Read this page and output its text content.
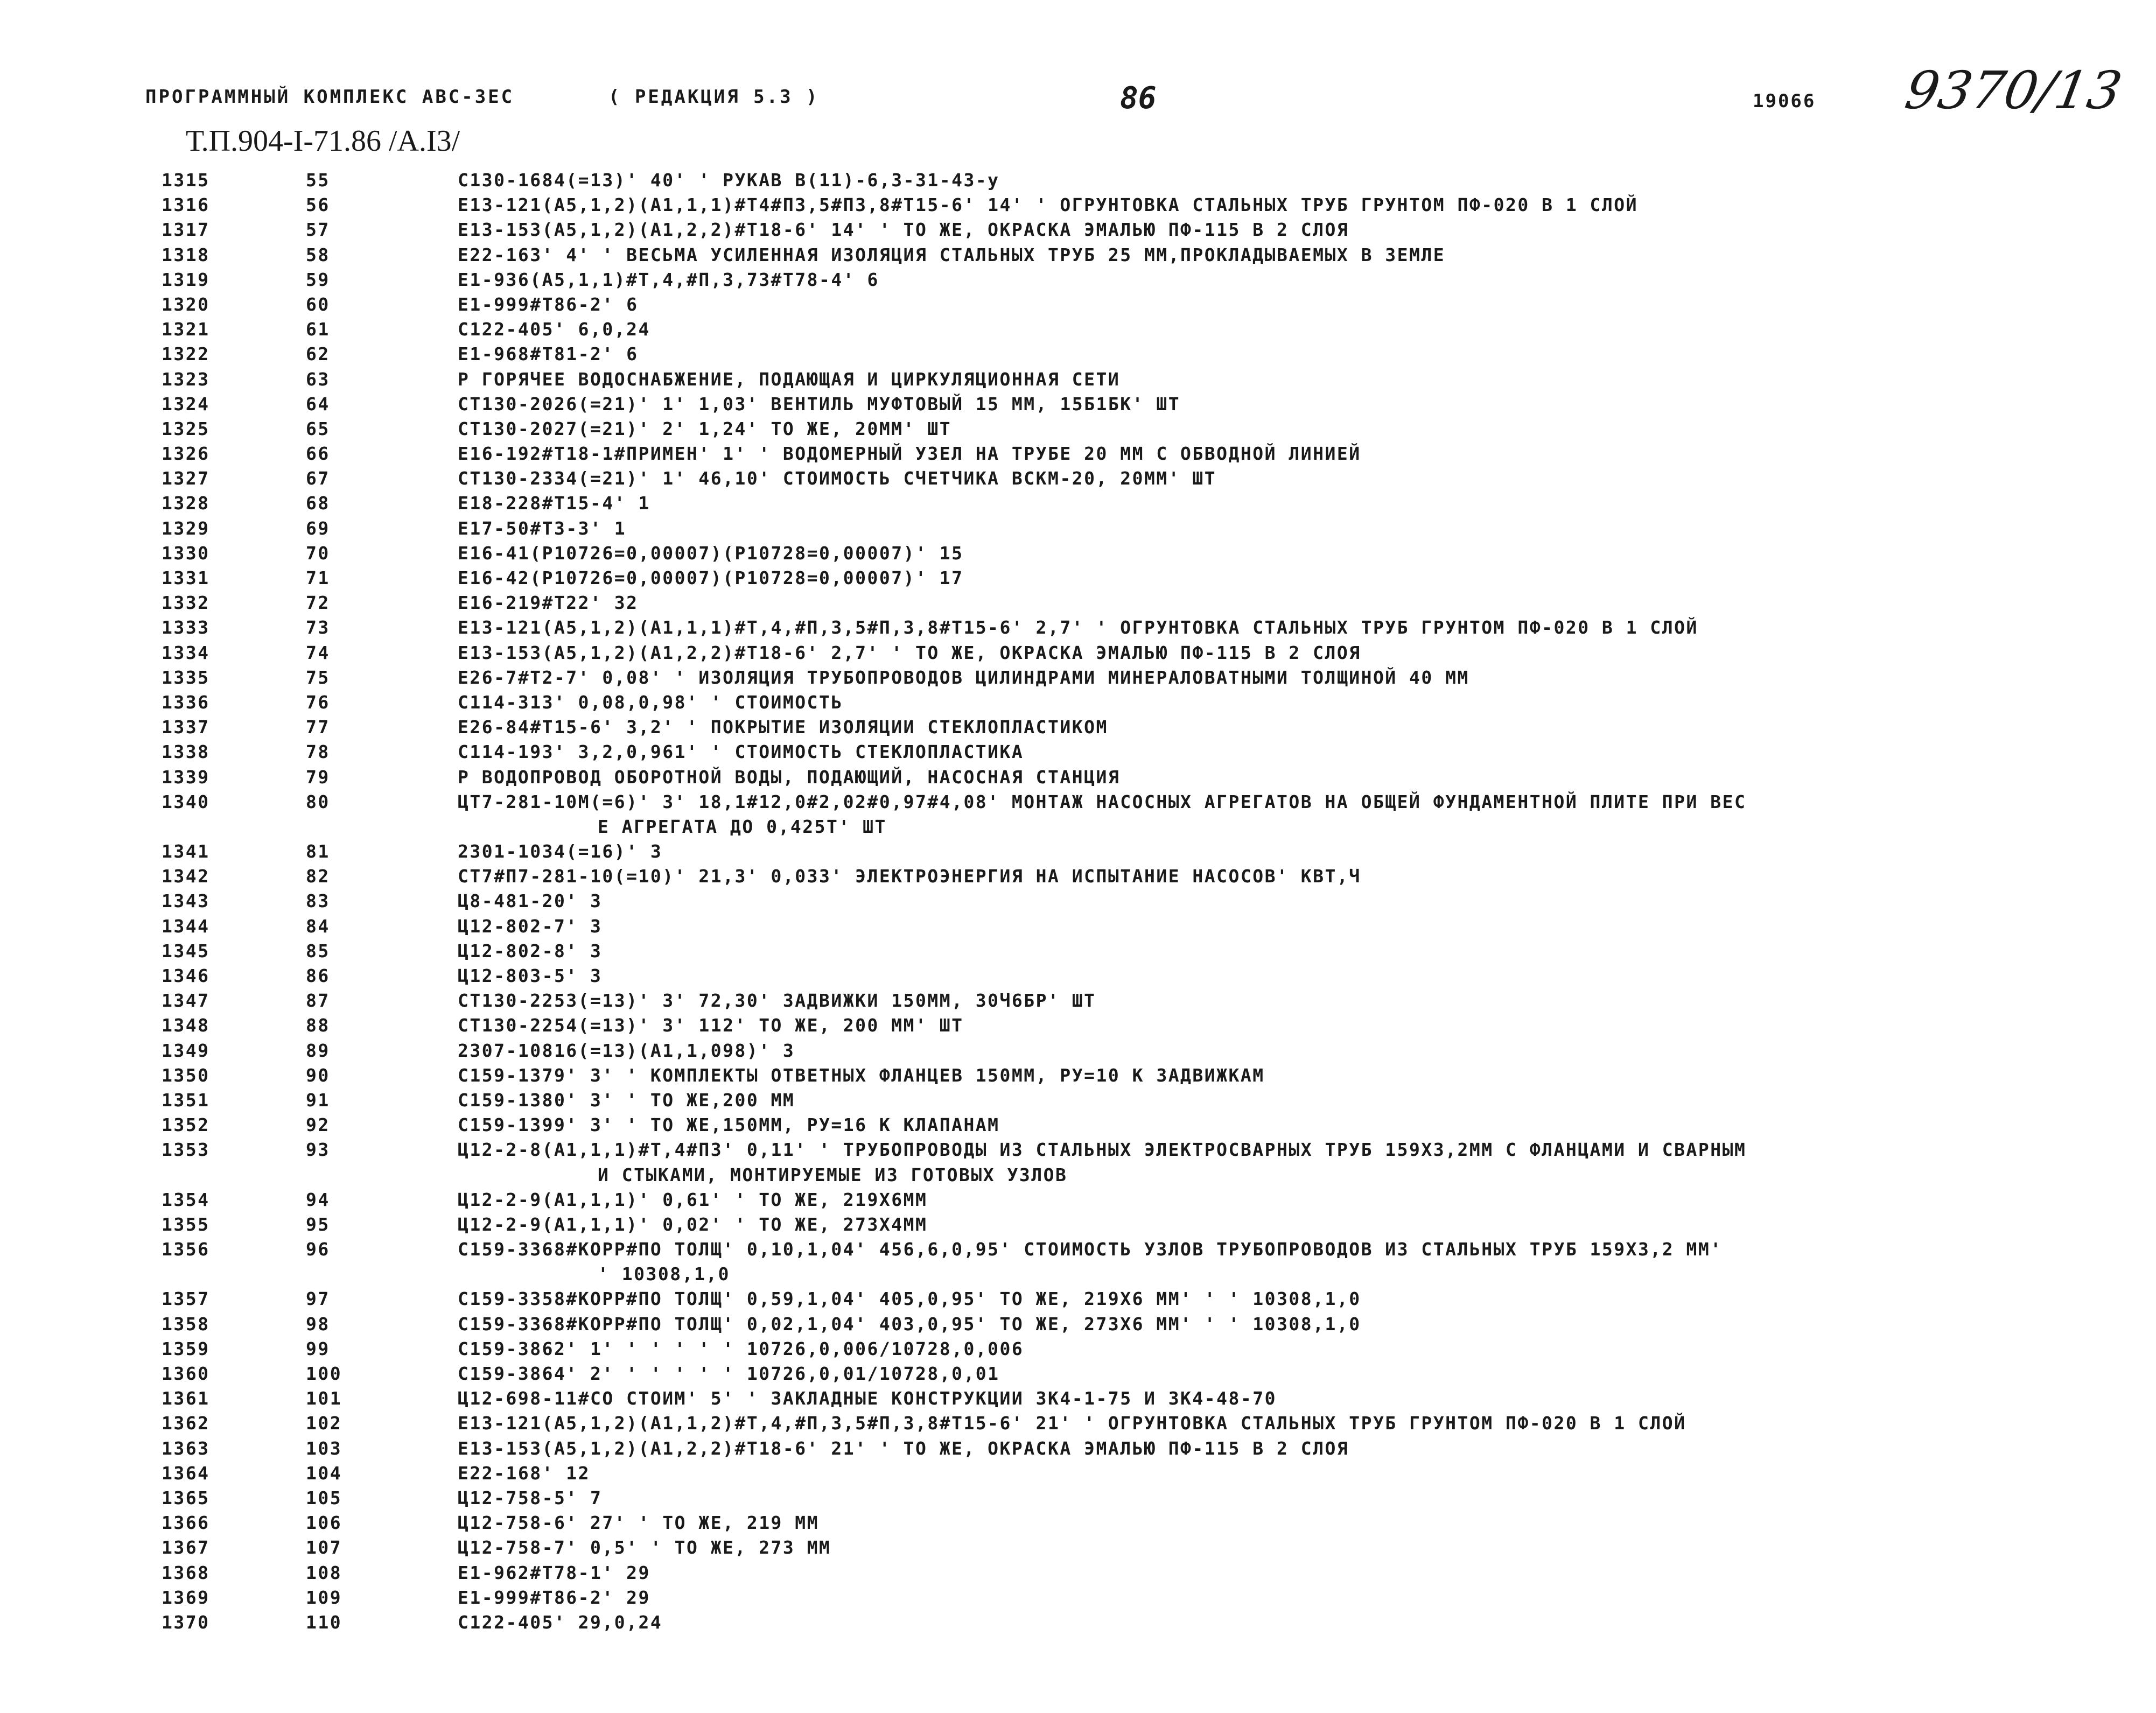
ПРОГРАММНЫЙ КОМПЛЕКС АВС-ЗЕС	( РЕДАКЦИЯ 5.3 )	86	19066 9370/13
Т.П.904-I-71.86 /А.I3/
1315	55	С130-1684(=13)' 40' ' РУКАВ В(11)-6,3-31-43-у
1316	56	Е13-121(А5,1,2)(А1,1,1)#Т4#П3,5#П3,8#Т15-6' 14' ' ОГРУНТОВКА СТАЛЬНЫХ ТРУБ ГРУНТОМ ПФ-020 В 1 СЛОЙ
1317	57	Е13-153(А5,1,2)(А1,2,2)#Т18-6' 14' ' ТО ЖЕ, ОКРАСКА ЭМАЛЬЮ ПФ-115 В 2 СЛОЯ
1318	58	Е22-163' 4' ' ВЕСЬМА УСИЛЕННАЯ ИЗОЛЯЦИЯ СТАЛЬНЫХ ТРУБ 25 ММ,ПРОКЛАДЫВАЕМЫХ В ЗЕМЛЕ
1319	59	Е1-936(А5,1,1)#Т,4,#П,3,73#Т78-4' 6
1320	60	Е1-999#Т86-2' 6
1321	61	С122-405' 6,0,24
1322	62	Е1-968#Т81-2' 6
1323	63	Р ГОРЯЧЕЕ ВОДОСНАБЖЕНИЕ, ПОДАЮЩАЯ И ЦИРКУЛЯЦИОННАЯ СЕТИ
1324	64	СТ130-2026(=21)' 1' 1,03' ВЕНТИЛЬ МУФТОВЫЙ 15 ММ, 15Б1БК' ШТ
1325	65	СТ130-2027(=21)' 2' 1,24' ТО ЖЕ, 20ММ' ШТ
1326	66	Е16-192#Т18-1#ПРИМЕН' 1' ' ВОДОМЕРНЫЙ УЗЕЛ НА ТРУБЕ 20 ММ С ОБВОДНОЙ ЛИНИЕЙ
1327	67	СТ130-2334(=21)' 1' 46,10' СТОИМОСТЬ СЧЕТЧИКА ВСКМ-20, 20ММ' ШТ
1328	68	Е18-228#Т15-4' 1
1329	69	Е17-50#Т3-3' 1
1330	70	Е16-41(Р10726=0,00007)(Р10728=0,00007)' 15
1331	71	Е16-42(Р10726=0,00007)(Р10728=0,00007)' 17
1332	72	Е16-219#Т22' 32
1333	73	Е13-121(А5,1,2)(А1,1,1)#Т,4,#П,3,5#П,3,8#Т15-6' 2,7' ' ОГРУНТОВКА СТАЛЬНЫХ ТРУБ ГРУНТОМ ПФ-020 В 1 СЛОЙ
1334	74	Е13-153(А5,1,2)(А1,2,2)#Т18-6' 2,7' ' ТО ЖЕ, ОКРАСКА ЭМАЛЬЮ ПФ-115 В 2 СЛОЯ
1335	75	Е26-7#Т2-7' 0,08' ' ИЗОЛЯЦИЯ ТРУБОПРОВОДОВ ЦИЛИНДРАМИ МИНЕРАЛОВАТНЫМИ ТОЛЩИНОЙ 40 ММ
1336	76	С114-313' 0,08,0,98' ' СТОИМОСТЬ
1337	77	Е26-84#Т15-6' 3,2' ' ПОКРЫТИЕ ИЗОЛЯЦИИ СТЕКЛОПЛАСТИКОМ
1338	78	С114-193' 3,2,0,961' ' СТОИМОСТЬ СТЕКЛОПЛАСТИКА
1339	79	Р ВОДОПРОВОД ОБОРОТНОЙ ВОДЫ, ПОДАЮЩИЙ, НАСОСНАЯ СТАНЦИЯ
1340	80	ЦТ7-281-10М(=6)' 3' 18,1#12,0#2,02#0,97#4,08' МОНТАЖ НАСОСНЫХ АГРЕГАТОВ НА ОБЩЕЙ ФУНДАМЕНТНОЙ ПЛИТЕ ПРИ ВЕС
Е АГРЕГАТА ДО 0,425Т' ШТ
1341	81	2301-1034(=16)' 3
1342	82	СТ7#П7-281-10(=10)' 21,3' 0,033' ЭЛЕКТРОЭНЕРГИЯ НА ИСПЫТАНИЕ НАСОСОВ' КВТ,Ч
1343	83	Ц8-481-20' 3
1344	84	Ц12-802-7' 3
1345	85	Ц12-802-8' 3
1346	86	Ц12-803-5' 3
1347	87	СТ130-2253(=13)' 3' 72,30' ЗАДВИЖКИ 150ММ, 30Ч6БР' ШТ
1348	88	СТ130-2254(=13)' 3' 112' ТО ЖЕ, 200 ММ' ШТ
1349	89	2307-10816(=13)(А1,1,098)' 3
1350	90	С159-1379' 3' ' КОМПЛЕКТЫ ОТВЕТНЫХ ФЛАНЦЕВ 150ММ, РУ=10 К ЗАДВИЖКАМ
1351	91	С159-1380' 3' ' ТО ЖЕ,200 ММ
1352	92	С159-1399' 3' ' ТО ЖЕ,150ММ, РУ=16 К КЛАПАНАМ
1353	93	Ц12-2-8(А1,1,1)#Т,4#П3' 0,11' ' ТРУБОПРОВОДЫ ИЗ СТАЛЬНЫХ ЭЛЕКТРОСВАРНЫХ ТРУБ 159Х3,2ММ С ФЛАНЦАМИ И СВАРНЫМ
И СТЫКАМИ, МОНТИРУЕМЫЕ ИЗ ГОТОВЫХ УЗЛОВ
1354	94	Ц12-2-9(А1,1,1)' 0,61' ' ТО ЖЕ, 219Х6ММ
1355	95	Ц12-2-9(А1,1,1)' 0,02' ' ТО ЖЕ, 273Х4ММ
1356	96	С159-3368#КОРР#ПО ТОЛЩ' 0,10,1,04' 456,6,0,95' СТОИМОСТЬ УЗЛОВ ТРУБОПРОВОДОВ ИЗ СТАЛЬНЫХ ТРУБ 159Х3,2 ММ'
' 10308,1,0
1357	97	С159-3358#КОРР#ПО ТОЛЩ' 0,59,1,04' 405,0,95' ТО ЖЕ, 219Х6 ММ' ' ' 10308,1,0
1358	98	С159-3368#КОРР#ПО ТОЛЩ' 0,02,1,04' 403,0,95' ТО ЖЕ, 273Х6 ММ' ' ' 10308,1,0
1359	99	С159-3862' 1' ' ' ' ' ' 10726,0,006/10728,0,006
1360	100	С159-3864' 2' ' ' ' ' ' 10726,0,01/10728,0,01
1361	101	Ц12-698-11#СО СТОИМ' 5' ' ЗАКЛАДНЫЕ КОНСТРУКЦИИ ЗК4-1-75 И ЗК4-48-70
1362	102	Е13-121(А5,1,2)(А1,1,2)#Т,4,#П,3,5#П,3,8#Т15-6' 21' ' ОГРУНТОВКА СТАЛЬНЫХ ТРУБ ГРУНТОМ ПФ-020 В 1 СЛОЙ
1363	103	Е13-153(А5,1,2)(А1,2,2)#Т18-6' 21' ' ТО ЖЕ, ОКРАСКА ЭМАЛЬЮ ПФ-115 В 2 СЛОЯ
1364	104	Е22-168' 12
1365	105	Ц12-758-5' 7
1366	106	Ц12-758-6' 27' ' ТО ЖЕ, 219 ММ
1367	107	Ц12-758-7' 0,5' ' ТО ЖЕ, 273 ММ
1368	108	Е1-962#Т78-1' 29
1369	109	Е1-999#Т86-2' 29
1370	110	С122-405' 29,0,24
